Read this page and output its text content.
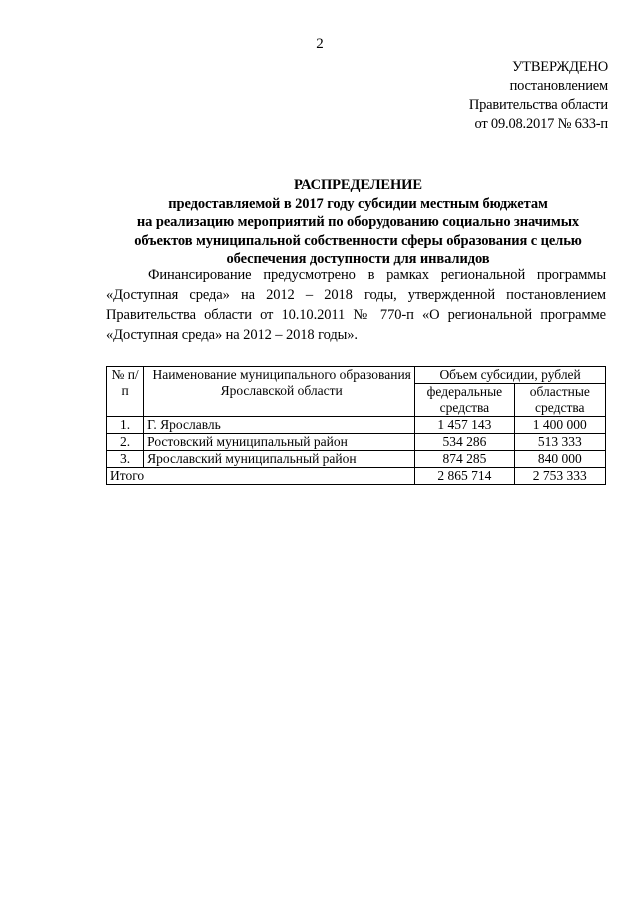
2
УТВЕРЖДЕНО
постановлением
Правительства области
от 09.08.2017 № 633-п
РАСПРЕДЕЛЕНИЕ
предоставляемой в 2017 году субсидии местным бюджетам
на реализацию мероприятий по оборудованию социально значимых
объектов муниципальной собственности сферы образования с целью
обеспечения доступности для инвалидов
Финансирование предусмотрено в рамках региональной программы «Доступная среда» на 2012 – 2018 годы, утвержденной постановлением Правительства области от 10.10.2011 № 770-п «О региональной программе «Доступная среда» на 2012 – 2018 годы».
№ п/п	Наименование муниципального образования Ярославской области	Объем субсидии, рублей	
		федеральные средства	областные средства
1.	Г. Ярославль	1 457 143	1 400 000
2.	Ростовский муниципальный район	534 286	513 333
3.	Ярославский муниципальный район	874 285	840 000
Итого		2 865 714	2 753 333
